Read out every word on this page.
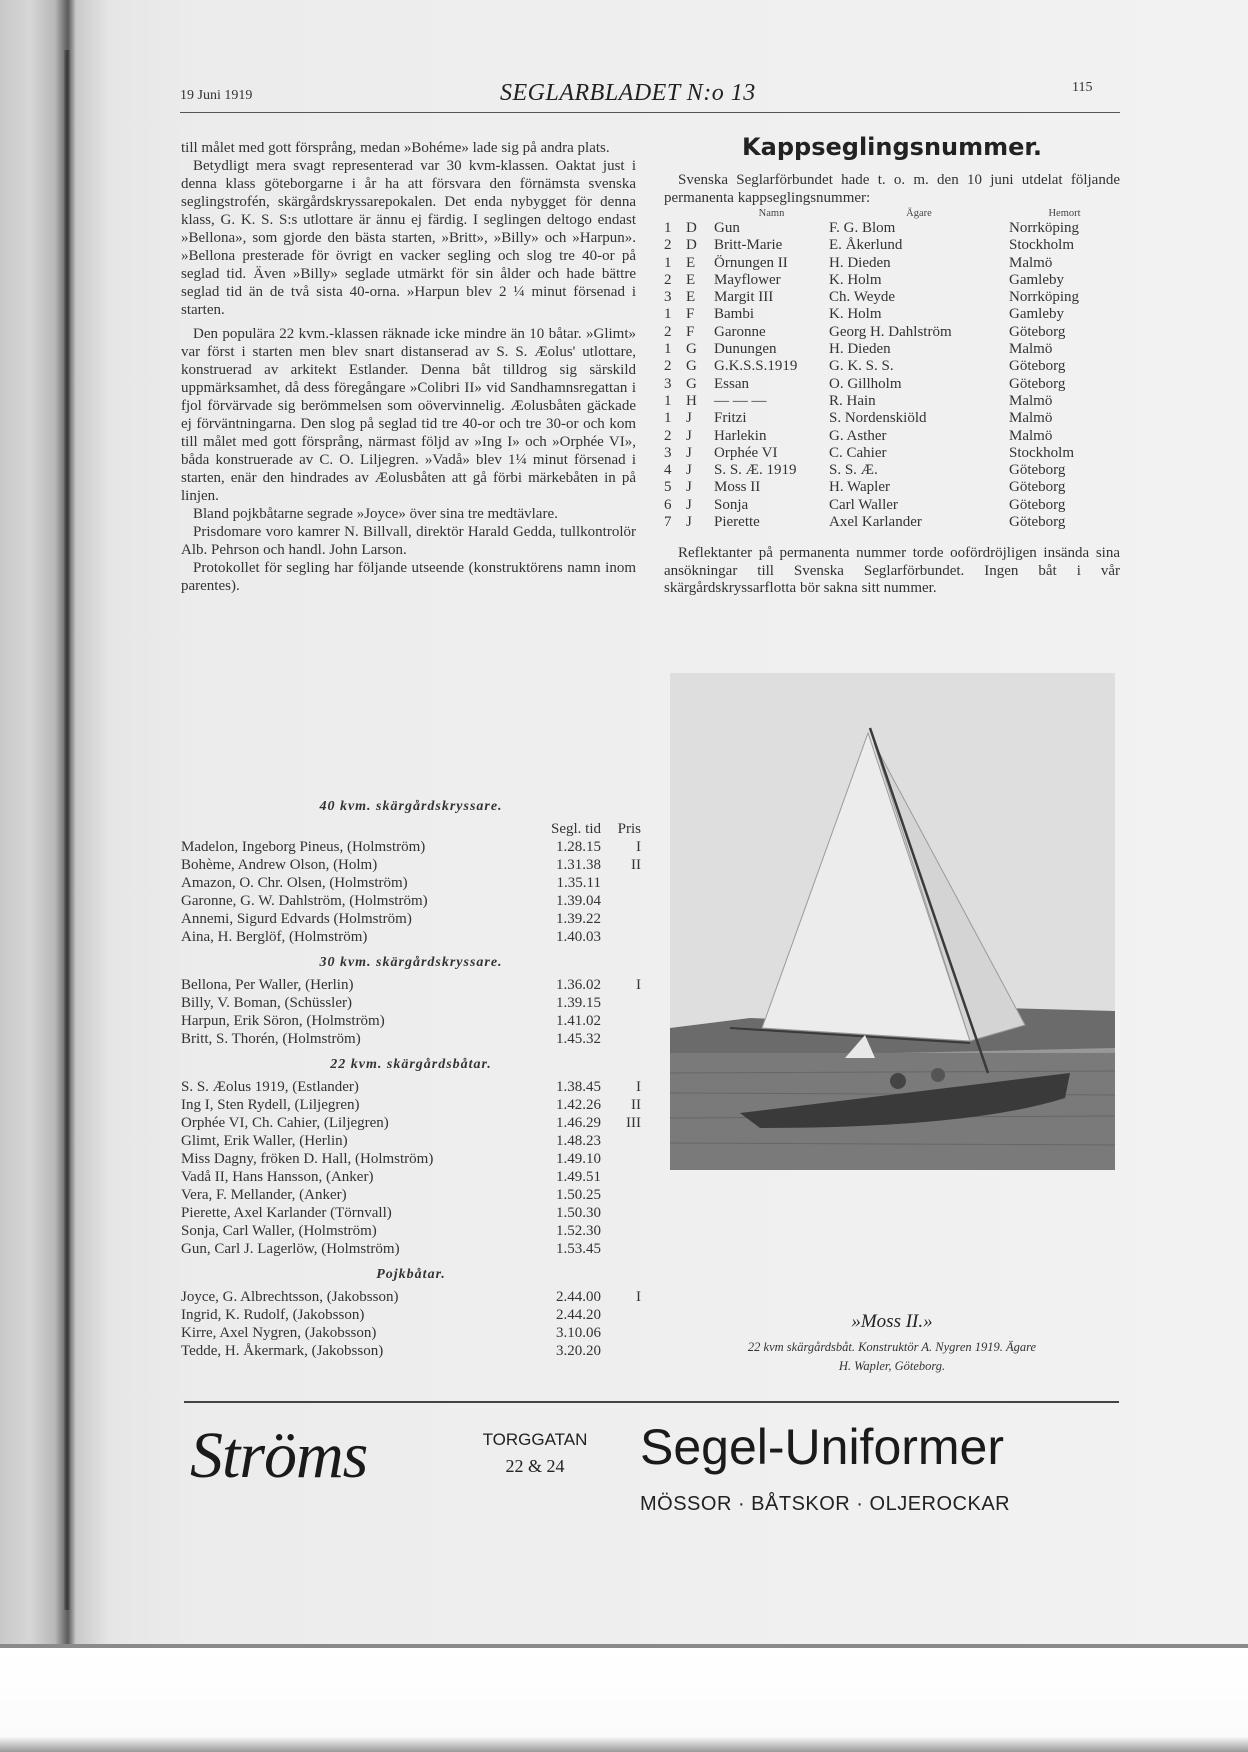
19 Juni 1919	SEGLARBLADET N:o 13	115

till målet med gott försprång, medan »Bohéme» lade sig på andra plats.

Betydligt mera svagt representerad var 30 kvm-klassen. Oaktat just i denna klass göteborgarne i år ha att försvara den förnämsta svenska seglingstrofén, skärgårdskryssarepokalen. Det enda nybygget för denna klass, G. K. S. S:s utlottare är ännu ej färdig. I seglingen deltogo endast »Bellona», som gjorde den bästa starten, »Britt», »Billy» och »Harpun». »Bellona presterade för övrigt en vacker segling och slog tre 40-or på seglad tid. Även »Billy» seglade utmärkt för sin ålder och hade bättre seglad tid än de två sista 40-orna. »Harpun blev 2 ¼ minut försenad i starten.

Den populära 22 kvm.-klassen räknade icke mindre än 10 båtar. »Glimt» var först i starten men blev snart distanserad av S. S. Æolus' utlottare, konstruerad av arkitekt Estlander. Denna båt tilldrog sig särskild uppmärksamhet, då dess föregångare »Colibri II» vid Sandhamnsregattan i fjol förvärvade sig berömmelsen som oövervinnelig. Æolusbåten gäckade ej förväntningarna. Den slog på seglad tid tre 40-or och tre 30-or och kom till målet med gott försprång, närmast följd av »Ing I» och »Orphée VI», båda konstruerade av C. O. Liljegren. »Vadå» blev 1¼ minut försenad i starten, enär den hindrades av Æolusbåten att gå förbi märkebåten in på linjen.

Bland pojkbåtarne segrade »Joyce» över sina tre medtävlare.

Prisdomare voro kamrer N. Billvall, direktör Harald Gedda, tullkontrolör Alb. Pehrson och handl. John Larson.

Protokollet för segling har följande utseende (konstruktörens namn inom parentes).

40 kvm. skärgårdskryssare.
Segl. tid	Pris
Madelon, Ingeborg Pineus, (Holmström)	1.28.15	I
Bohème, Andrew Olson, (Holm)	1.31.38	II
Amazon, O. Chr. Olsen, (Holmström)	1.35.11
Garonne, G. W. Dahlström, (Holmström)	1.39.04
Annemi, Sigurd Edvards (Holmström)	1.39.22
Aina, H. Berglöf, (Holmström)	1.40.03
30 kvm. skärgårdskryssare.
Bellona, Per Waller, (Herlin)	1.36.02	I
Billy, V. Boman, (Schüssler)	1.39.15
Harpun, Erik Söron, (Holmström)	1.41.02
Britt, S. Thorén, (Holmström)	1.45.32
22 kvm. skärgårdsbåtar.
S. S. Æolus 1919, (Estlander)	1.38.45	I
Ing I, Sten Rydell, (Liljegren)	1.42.26	II
Orphée VI, Ch. Cahier, (Liljegren)	1.46.29	III
Glimt, Erik Waller, (Herlin)	1.48.23
Miss Dagny, fröken D. Hall, (Holmström)	1.49.10
Vadå II, Hans Hansson, (Anker)	1.49.51
Vera, F. Mellander, (Anker)	1.50.25
Pierette, Axel Karlander (Törnvall)	1.50.30
Sonja, Carl Waller, (Holmström)	1.52.30
Gun, Carl J. Lagerlöw, (Holmström)	1.53.45
Pojkbåtar.
Joyce, G. Albrechtsson, (Jakobsson)	2.44.00	I
Ingrid, K. Rudolf, (Jakobsson)	2.44.20
Kirre, Axel Nygren, (Jakobsson)	3.10.06
Tedde, H. Åkermark, (Jakobsson)	3.20.20
Kappseglingsnummer.

Svenska Seglarförbundet hade t. o. m. den 10 juni utdelat följande permanenta kappseglingsnummer:

Namn	Ägare	Hemort
1 D	Gun	F. G. Blom	Norrköping
2 D	Britt-Marie	E. Åkerlund	Stockholm
1 E	Örnungen II	H. Dieden	Malmö
2 E	Mayflower	K. Holm	Gamleby
3 E	Margit III	Ch. Weyde	Norrköping
1 F	Bambi	K. Holm	Gamleby
2 F	Garonne	Georg H. Dahlström	Göteborg
1 G	Dunungen	H. Dieden	Malmö
2 G	G.K.S.S.1919	G. K. S. S.	Göteborg
3 G	Essan	O. Gillholm	Göteborg
1 H	— — —	R. Hain	Malmö
1 J	Fritzi	S. Nordenskiöld	Malmö
2 J	Harlekin	G. Asther	Malmö
3 J	Orphée VI	C. Cahier	Stockholm
4 J	S. S. Æ. 1919	S. S. Æ.	Göteborg
5 J	Moss II	H. Wapler	Göteborg
6 J	Sonja	Carl Waller	Göteborg
7 J	Pierette	Axel Karlander	Göteborg

Reflektanter på permanenta nummer torde oofördröjligen insända sina ansökningar till Svenska Seglarförbundet. Ingen båt i vår skärgårdskryssarflotta bör sakna sitt nummer.

»Moss II.»
22 kvm skärgårdsbåt. Konstruktör A. Nygren 1919. Ägare
H. Wapler, Göteborg.
Ströms	TORGGATAN
22 & 24	Segel-Uniformer
MÖSSOR · BÅTSKOR · OLJEROCKAR
